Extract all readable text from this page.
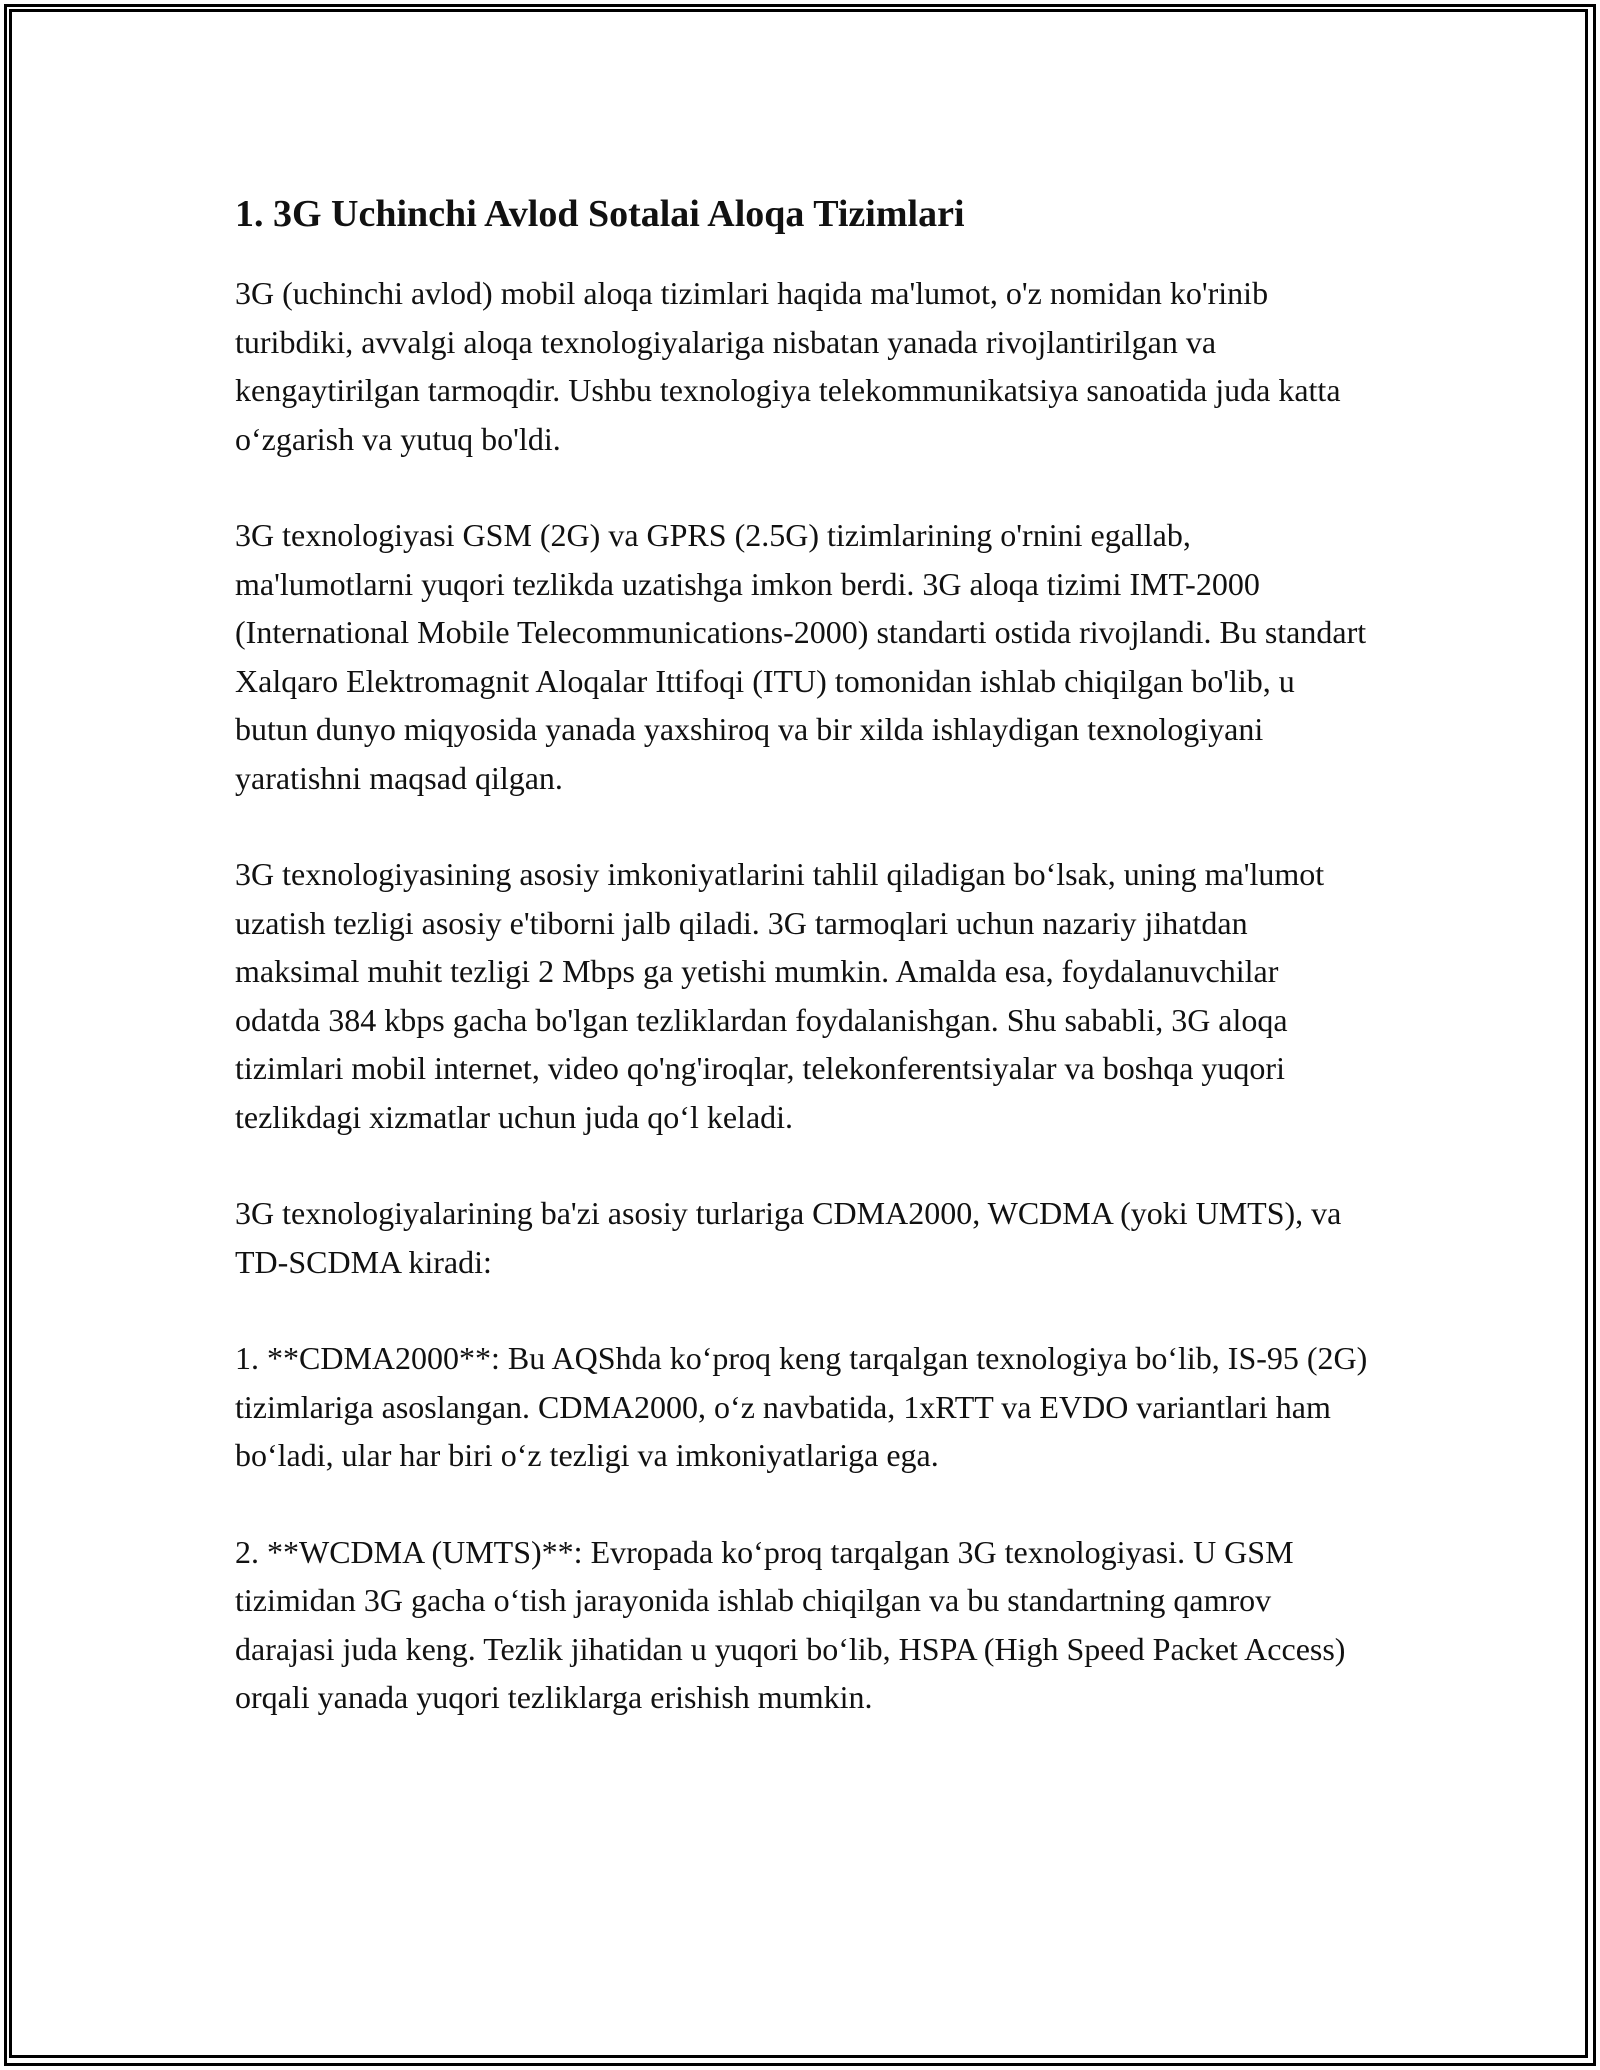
1. 3G Uchinchi Avlod Sotalai Aloqa Tizimlari

3G (uchinchi avlod) mobil aloqa tizimlari haqida ma'lumot, o'z nomidan ko'rinib turibdiki, avvalgi aloqa texnologiyalariga nisbatan yanada rivojlantirilgan va kengaytirilgan tarmoqdir. Ushbu texnologiya telekommunikatsiya sanoatida juda katta o‘zgarish va yutuq bo'ldi.

3G texnologiyasi GSM (2G) va GPRS (2.5G) tizimlarining o'rnini egallab, ma'lumotlarni yuqori tezlikda uzatishga imkon berdi. 3G aloqa tizimi IMT-2000 (International Mobile Telecommunications-2000) standarti ostida rivojlandi. Bu standart Xalqaro Elektromagnit Aloqalar Ittifoqi (ITU) tomonidan ishlab chiqilgan bo'lib, u butun dunyo miqyosida yanada yaxshiroq va bir xilda ishlaydigan texnologiyani yaratishni maqsad qilgan.

3G texnologiyasining asosiy imkoniyatlarini tahlil qiladigan bo‘lsak, uning ma'lumot uzatish tezligi asosiy e'tiborni jalb qiladi. 3G tarmoqlari uchun nazariy jihatdan maksimal muhit tezligi 2 Mbps ga yetishi mumkin. Amalda esa, foydalanuvchilar odatda 384 kbps gacha bo'lgan tezliklardan foydalanishgan. Shu sababli, 3G aloqa tizimlari mobil internet, video qo'ng'iroqlar, telekonferentsiyalar va boshqa yuqori tezlikdagi xizmatlar uchun juda qo‘l keladi.

3G texnologiyalarining ba'zi asosiy turlariga CDMA2000, WCDMA (yoki UMTS), va TD-SCDMA kiradi:

1. **CDMA2000**: Bu AQShda ko‘proq keng tarqalgan texnologiya bo‘lib, IS-95 (2G) tizimlariga asoslangan. CDMA2000, o‘z navbatida, 1xRTT va EVDO variantlari ham bo‘ladi, ular har biri o‘z tezligi va imkoniyatlariga ega.

2. **WCDMA (UMTS)**: Evropada ko‘proq tarqalgan 3G texnologiyasi. U GSM tizimidan 3G gacha o‘tish jarayonida ishlab chiqilgan va bu standartning qamrov darajasi juda keng. Tezlik jihatidan u yuqori bo‘lib, HSPA (High Speed Packet Access) orqali yanada yuqori tezliklarga erishish mumkin.
